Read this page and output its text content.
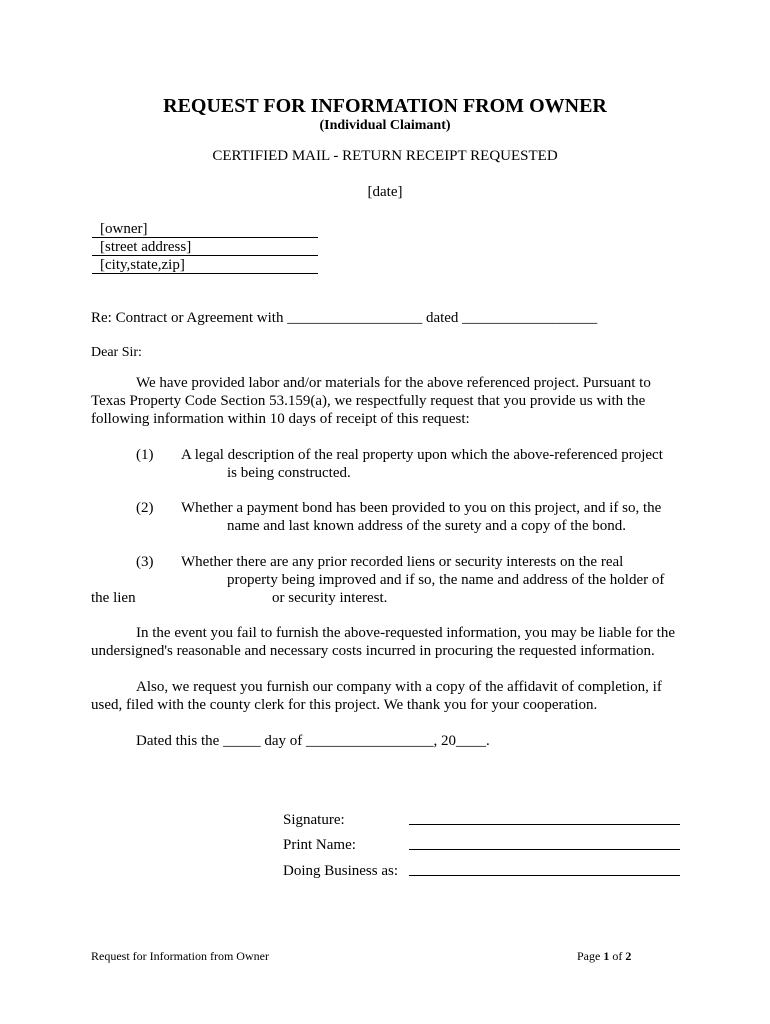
REQUEST FOR INFORMATION FROM OWNER
(Individual Claimant)
CERTIFIED MAIL - RETURN RECEIPT REQUESTED
[date]
[owner]
[street address]
[city,state,zip]
Re: Contract or Agreement with __________________ dated __________________
Dear Sir:
We have provided labor and/or materials for the above referenced project. Pursuant to
Texas Property Code Section 53.159(a), we respectfully request that you provide us with the
following information within 10 days of receipt of this request:
(1) A legal description of the real property upon which the above-referenced project
is being constructed.
(2) Whether a payment bond has been provided to you on this project, and if so, the
name and last known address of the surety and a copy of the bond.
(3) Whether there are any prior recorded liens or security interests on the real
property being improved and if so, the name and address of the holder of
the lien	or security interest.
In the event you fail to furnish the above-requested information, you may be liable for the
undersigned's reasonable and necessary costs incurred in procuring the requested information.
Also, we request you furnish our company with a copy of the affidavit of completion, if
used, filed with the county clerk for this project. We thank you for your cooperation.
Dated this the _____ day of _________________, 20____.
Signature:
Print Name:
Doing Business as:
Request for Information from Owner	Page 1 of 2
